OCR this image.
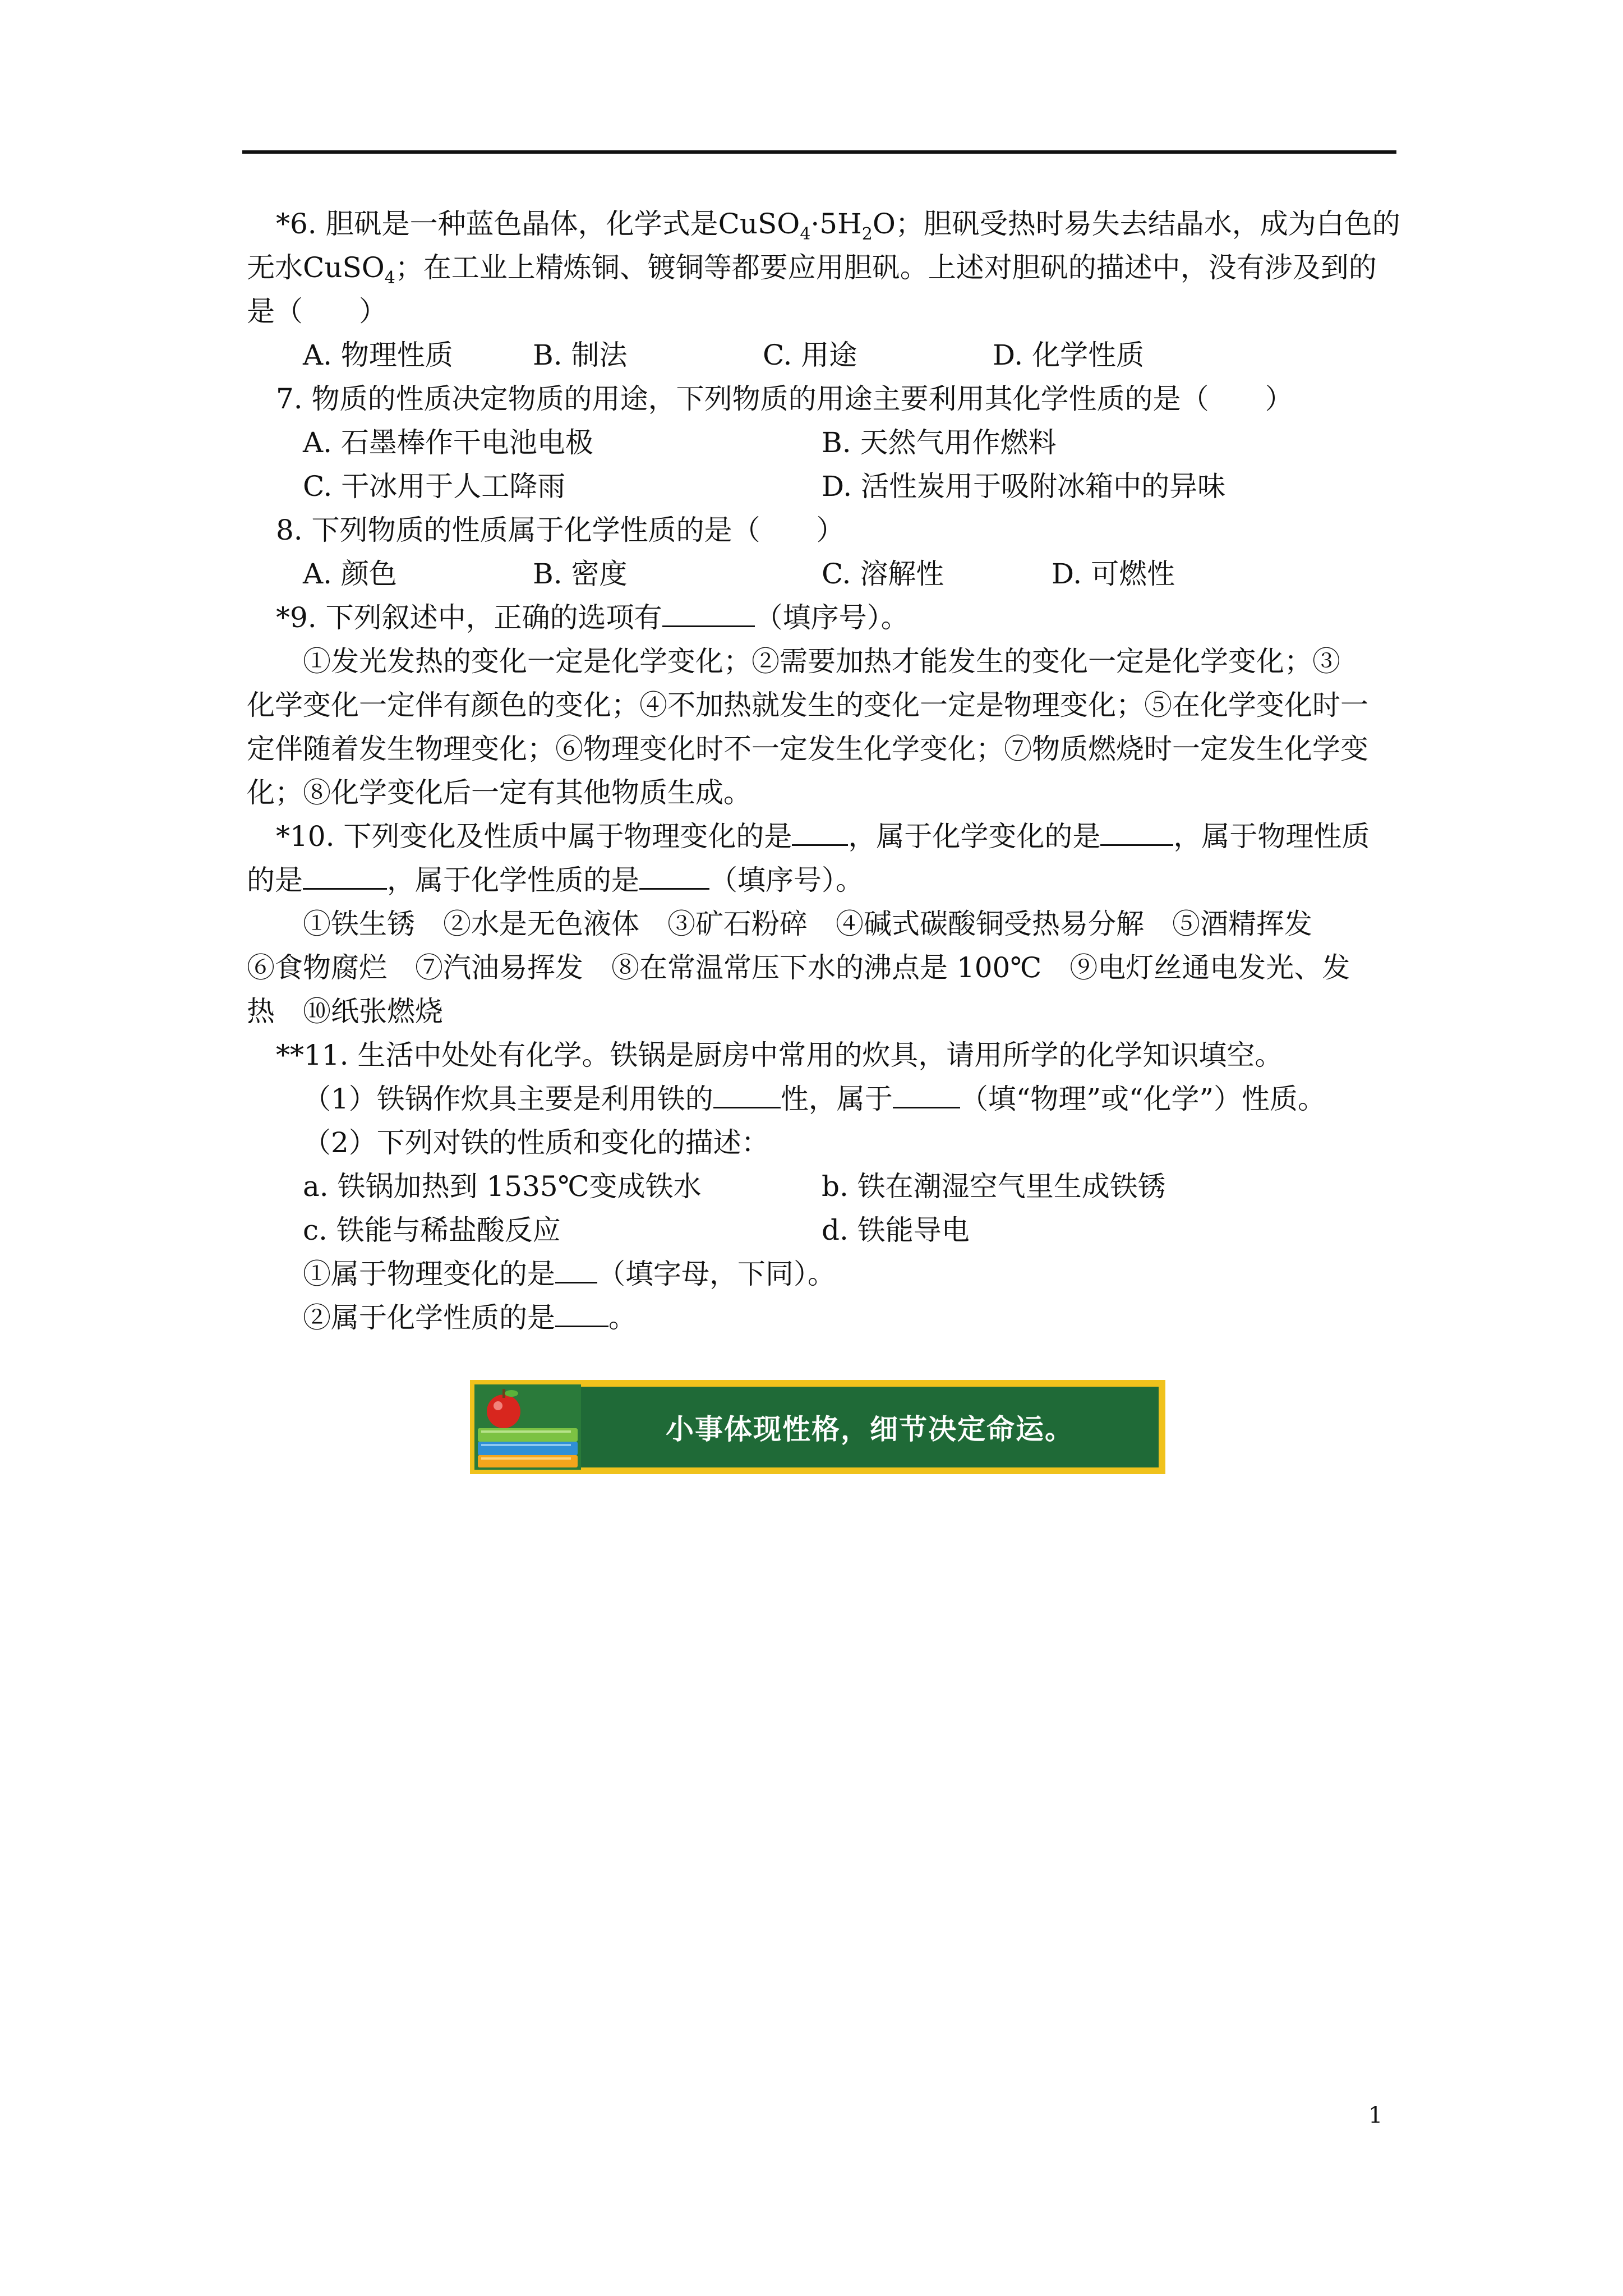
*6. 胆矾是一种蓝色晶体，化学式是$CuSO_4\cdot 5H_2O$；胆矾受热时易失去结晶水，成为白色的
无水CuSO$_4$；在工业上精炼铜、镀铜等都要应用胆矾。上述对胆矾的描述中，没有涉及到的
是（　　）
A. 物理性质	B. 制法	C. 用途	D. 化学性质
7. 物质的性质决定物质的用途，下列物质的用途主要利用其化学性质的是（　　）
A. 石墨棒作干电池电极	B. 天然气用作燃料
C. 干冰用于人工降雨	D. 活性炭用于吸附冰箱中的异味
8. 下列物质的性质属于化学性质的是（　　）
A. 颜色	B. 密度	C. 溶解性	D. 可燃性
*9. 下列叙述中，正确的选项有	（填序号）。
①发光发热的变化一定是化学变化；②需要加热才能发生的变化一定是化学变化；③
化学变化一定伴有颜色的变化；④不加热就发生的变化一定是物理变化；⑤在化学变化时一
定伴随着发生物理变化；⑥物理变化时不一定发生化学变化；⑦物质燃烧时一定发生化学变
化；⑧化学变化后一定有其他物质生成。
*10. 下列变化及性质中属于物理变化的是 ，属于化学变化的是	，属于物理性质
的是	，属于化学性质的是	（填序号）。
①铁生锈　②水是无色液体　③矿石粉碎　④碱式碳酸铜受热易分解　⑤酒精挥发
⑥食物腐烂　⑦汽油易挥发　⑧在常温常压下水的沸点是 100℃　⑨电灯丝通电发光、发
热　⑩纸张燃烧
**11. 生活中处处有化学。铁锅是厨房中常用的炊具，请用所学的化学知识填空。
（1）铁锅作炊具主要是利用铁的 性，属于 （填“物理”或“化学”）性质。
（2）下列对铁的性质和变化的描述：
a. 铁锅加热到 1535℃变成铁水	b. 铁在潮湿空气里生成铁锈
c. 铁能与稀盐酸反应	d. 铁能导电
①属于物理变化的是 （填字母，下同）。
②属于化学性质的是 。
小事体现性格，细节决定命运。
1
